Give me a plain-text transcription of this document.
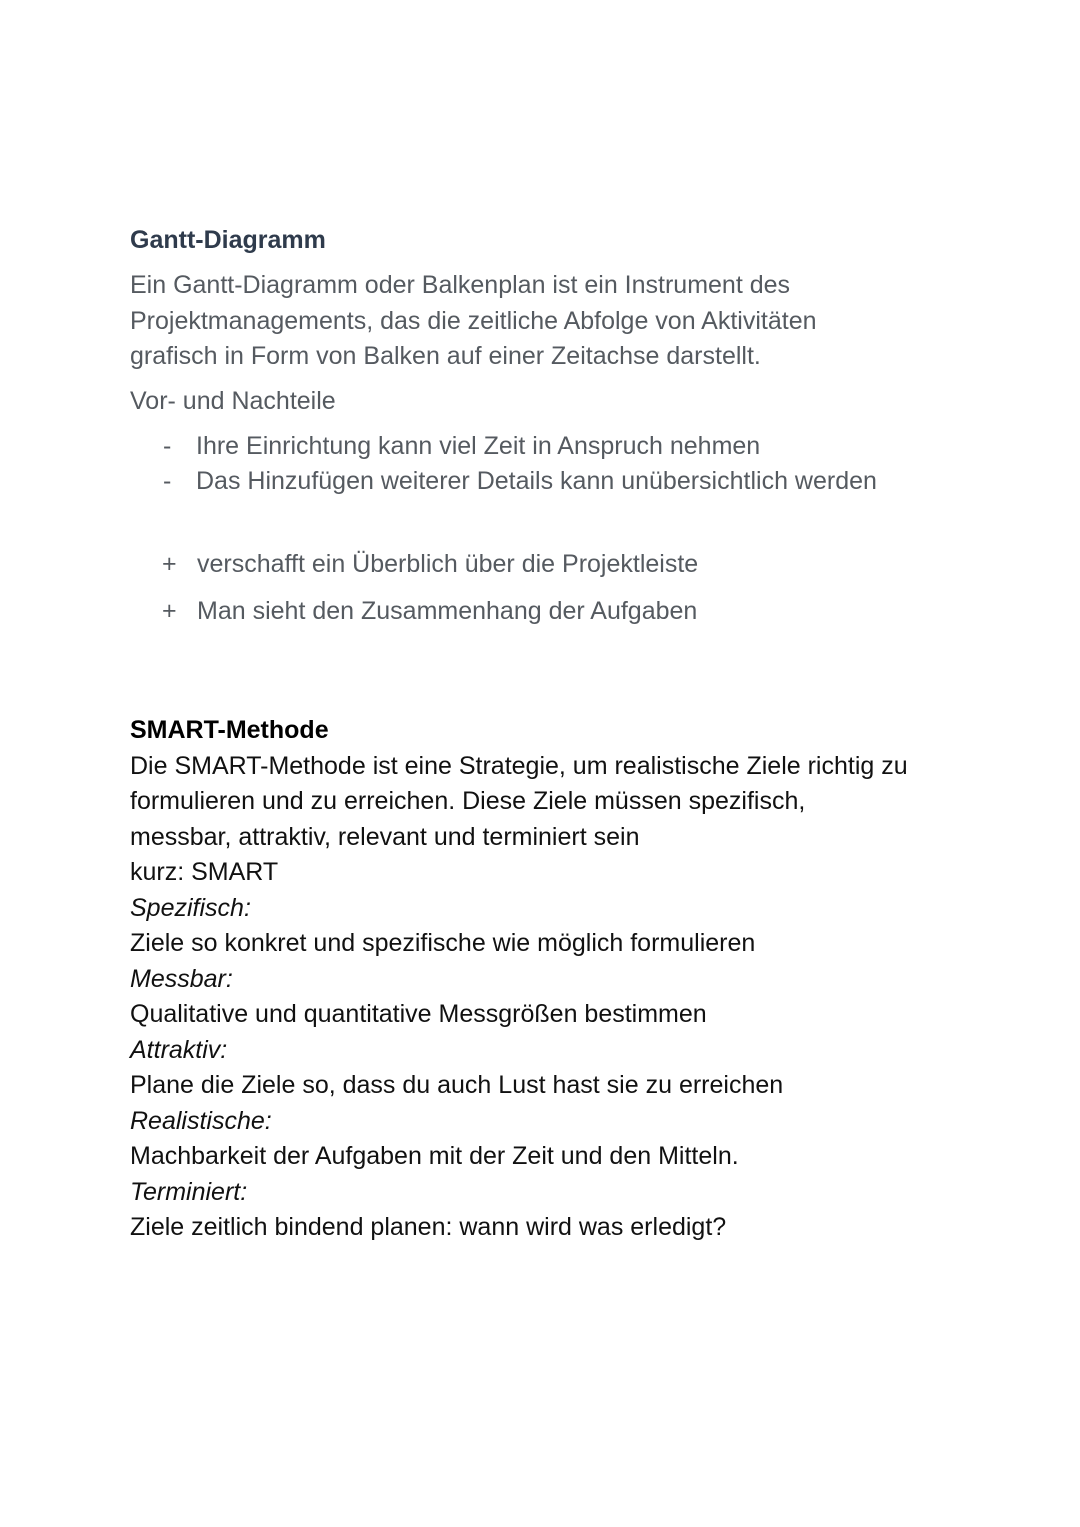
Gantt-Diagramm

Ein Gantt-Diagramm oder Balkenplan ist ein Instrument des
Projektmanagements, das die zeitliche Abfolge von Aktivitäten
grafisch in Form von Balken auf einer Zeitachse darstellt.

Vor- und Nachteile

- Ihre Einrichtung kann viel Zeit in Anspruch nehmen
- Das Hinzufügen weiterer Details kann unübersichtlich werden
+ verschafft ein Überblich über die Projektleiste
+ Man sieht den Zusammenhang der Aufgaben
SMART-Methode

Die SMART-Methode ist eine Strategie, um realistische Ziele richtig zu
formulieren und zu erreichen. Diese Ziele müssen spezifisch,
messbar, attraktiv, relevant und terminiert sein
kurz: SMART

Spezifisch:

Ziele so konkret und spezifische wie möglich formulieren

Messbar:

Qualitative und quantitative Messgrößen bestimmen

Attraktiv:

Plane die Ziele so, dass du auch Lust hast sie zu erreichen

Realistische:

Machbarkeit der Aufgaben mit der Zeit und den Mitteln.

Terminiert:

Ziele zeitlich bindend planen: wann wird was erledigt?
